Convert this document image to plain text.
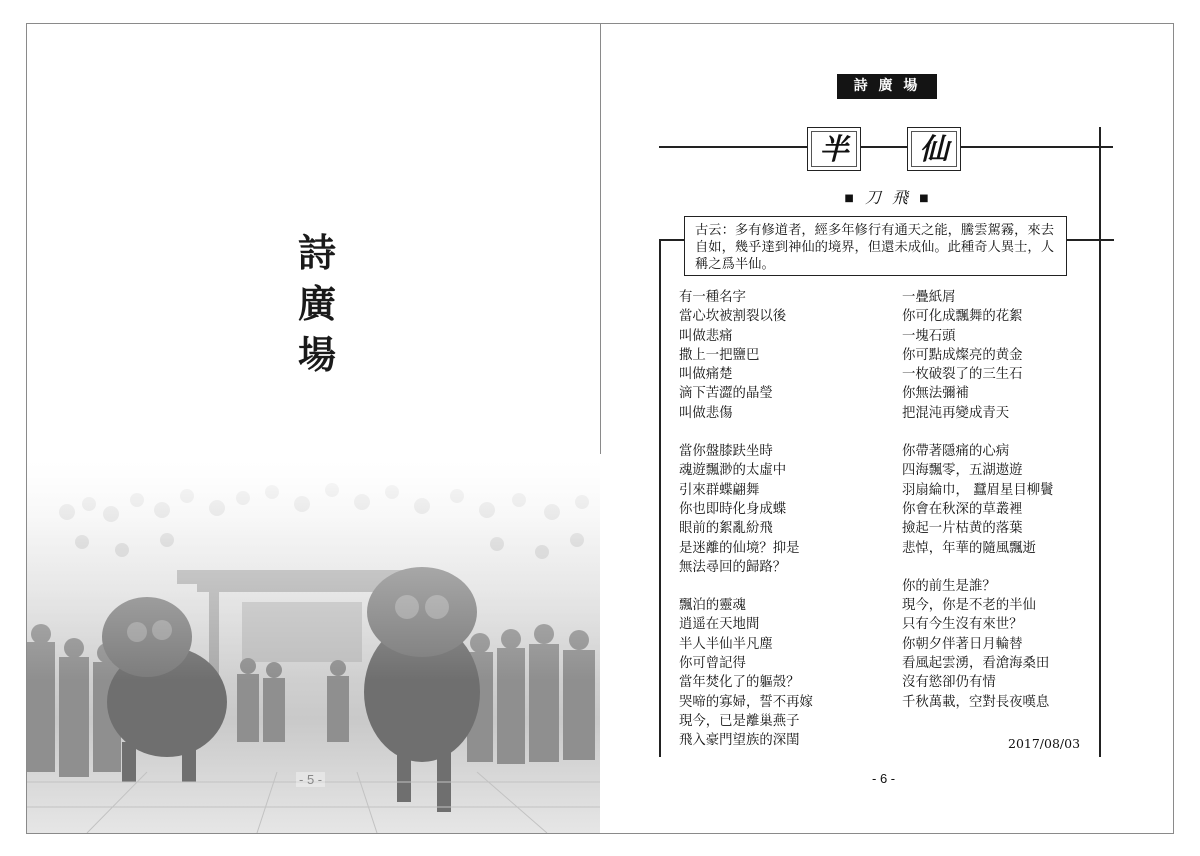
詩
廣
場
- 5 -
詩 廣 場
半	仙
■ 刀 飛 ■

古云：多有修道者，經多年修行有通天之能，騰雲駕霧，來去自如，幾乎達到神仙的境界，但還未成仙。此種奇人異士，人稱之爲半仙。

有一種名字
當心坎被割裂以後
叫做悲痛
撒上一把鹽巴
叫做痛楚
滴下苦澀的晶瑩
叫做悲傷
當你盤膝趺坐時
魂遊飄渺的太虛中
引來群蝶翩舞
你也即時化身成蝶
眼前的絮亂紛飛
是迷離的仙境？抑是
無法尋回的歸路？
飄泊的靈魂
逍遥在天地間
半人半仙半凡塵
你可曾記得
當年焚化了的軀殼？
哭啼的寡婦，誓不再嫁
現今，已是離巢燕子
飛入豪門望族的深閨
一疊紙屑
你可化成飄舞的花絮
一塊石頭
你可點成燦亮的黄金
一枚破裂了的三生石
你無法彌補
把混沌再變成青天
你帶著隱痛的心病
四海飄零，五湖遨遊
羽扇綸巾， 蠶眉星目柳鬢
你會在秋深的草叢裡
撿起一片枯黄的落葉
悲悼，年華的隨風飄逝
你的前生是誰？
現今，你是不老的半仙
只有今生沒有來世？
你朝夕伴著日月輪替
看風起雲湧，看滄海桑田
沒有慾卻仍有情
千秋萬載，空對長夜嘆息
2017/08/03
- 6 -
